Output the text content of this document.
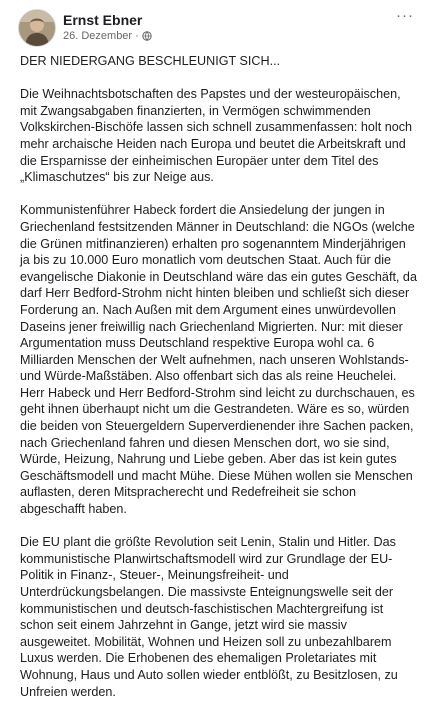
Ernst Ebner
26. Dezember ·
···

DER NIEDERGANG BESCHLEUNIGT SICH...

Die Weihnachtsbotschaften des Papstes und der westeuropäischen, mit Zwangsabgaben finanzierten, in Vermögen schwimmenden Volkskirchen-Bischöfe lassen sich schnell zusammenfassen: holt noch mehr archaische Heiden nach Europa und beutet die Arbeitskraft und die Ersparnisse der einheimischen Europäer unter dem Titel des „Klimaschutzes“ bis zur Neige aus.

Kommunistenführer Habeck fordert die Ansiedelung der jungen in Griechenland festsitzenden Männer in Deutschland: die NGOs (welche die Grünen mitfinanzieren) erhalten pro sogenanntem Minderjährigen ja bis zu 10.000 Euro monatlich vom deutschen Staat. Auch für die evangelische Diakonie in Deutschland wäre das ein gutes Geschäft, da darf Herr Bedford-Strohm nicht hinten bleiben und schließt sich dieser Forderung an. Nach Außen mit dem Argument eines unwürdevollen Daseins jener freiwillig nach Griechenland Migrierten. Nur: mit dieser Argumentation muss Deutschland respektive Europa wohl ca. 6 Milliarden Menschen der Welt aufnehmen, nach unseren Wohlstands- und Würde-Maßstäben. Also offenbart sich das als reine Heuchelei. Herr Habeck und Herr Bedford-Strohm sind leicht zu durchschauen, es geht ihnen überhaupt nicht um die Gestrandeten. Wäre es so, würden die beiden von Steuergeldern Superverdienender ihre Sachen packen, nach Griechenland fahren und diesen Menschen dort, wo sie sind, Würde, Heizung, Nahrung und Liebe geben. Aber das ist kein gutes Geschäftsmodell und macht Mühe. Diese Mühen wollen sie Menschen auflasten, deren Mitspracherecht und Redefreiheit sie schon abgeschafft haben.

Die EU plant die größte Revolution seit Lenin, Stalin und Hitler. Das kommunistische Planwirtschaftsmodell wird zur Grundlage der EU-Politik in Finanz-, Steuer-, Meinungsfreiheit- und Unterdrückungsbelangen. Die massivste Enteignungswelle seit der kommunistischen und deutsch-faschistischen Machtergreifung ist schon seit einem Jahrzehnt in Gange, jetzt wird sie massiv ausgeweitet. Mobilität, Wohnen und Heizen soll zu unbezahlbarem Luxus werden. Die Erhobenen des ehemaligen Proletariates mit Wohnung, Haus und Auto sollen wieder entblößt, zu Besitzlosen, zu Unfreien werden.
